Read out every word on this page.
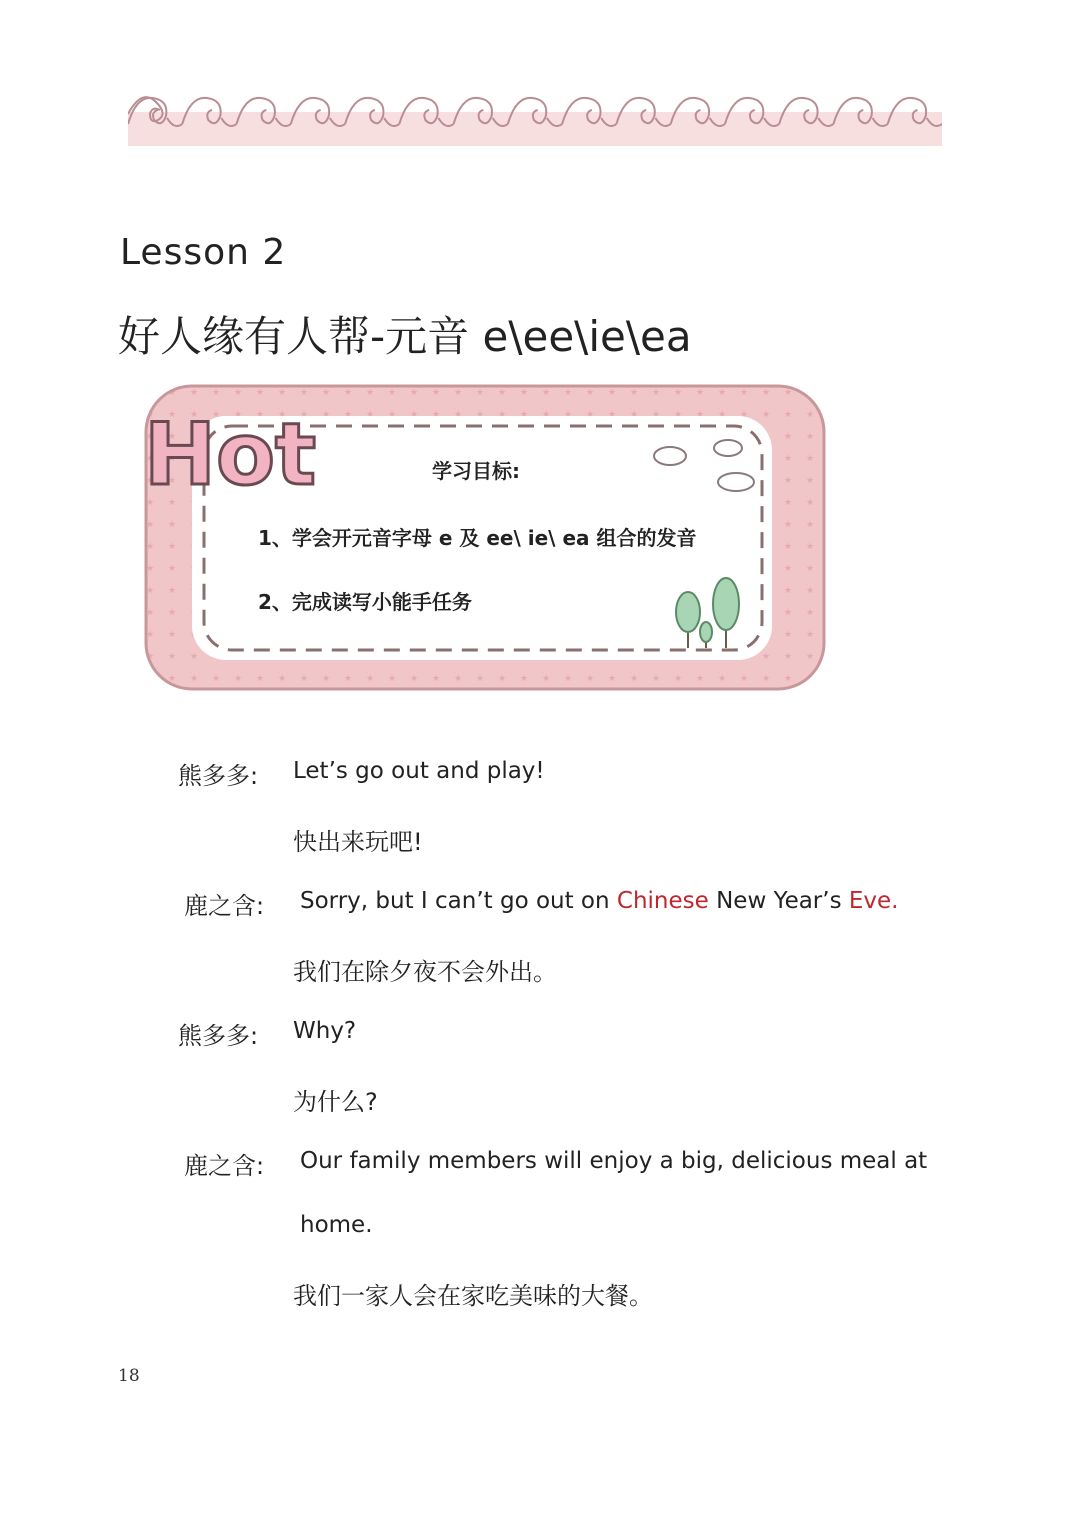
Lesson 2
好人缘有人帮-元音 e\ee\ie\ea
Hot	学习目标:
1、学会开元音字母 e 及 ee\ ie\ ea 组合的发音
2、完成读写小能手任务
熊多多: Let’s go out and play!
快出来玩吧!
鹿之含: Sorry, but I can’t go out on Chinese New Year’s Eve.
我们在除夕夜不会外出。
熊多多: Why?
为什么?
鹿之含: Our family members will enjoy a big, delicious meal at
home.
我们一家人会在家吃美味的大餐。
18
